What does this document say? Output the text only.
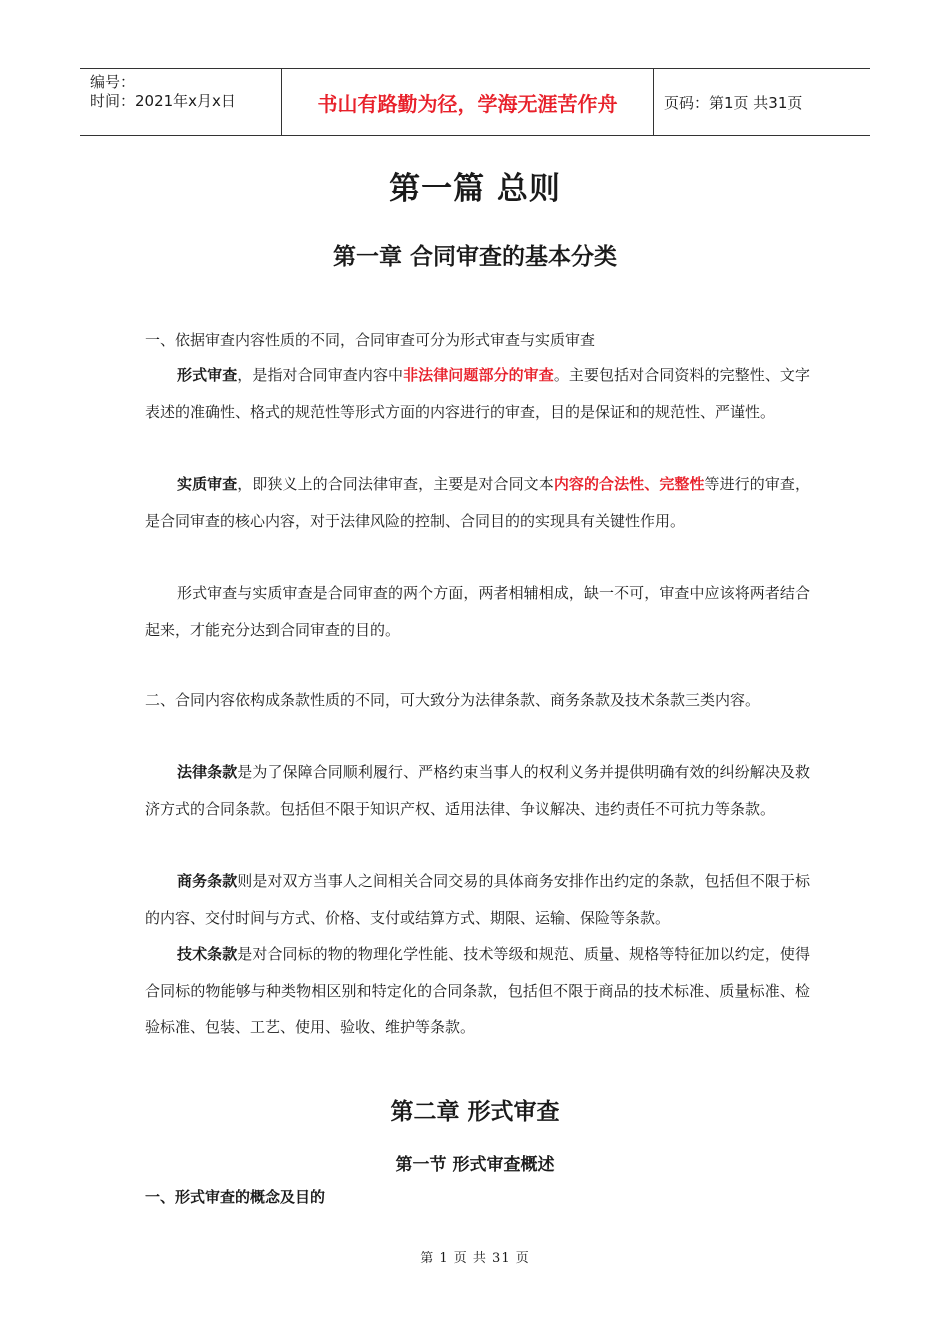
编号：
时间：2021年x月x日	书山有路勤为径，学海无涯苦作舟	页码：第1页 共31页
第一篇 总则
第一章 合同审查的基本分类

一、依据审查内容性质的不同，合同审查可分为形式审查与实质审查

形式审查，是指对合同审查内容中非法律问题部分的审查。主要包括对合同资料的完整性、文字表述的准确性、格式的规范性等形式方面的内容进行的审查，目的是保证和的规范性、严谨性。

实质审查，即狭义上的合同法律审查，主要是对合同文本内容的合法性、完整性等进行的审查，是合同审查的核心内容，对于法律风险的控制、合同目的的实现具有关键性作用。

形式审查与实质审查是合同审查的两个方面，两者相辅相成，缺一不可，审查中应该将两者结合起来，才能充分达到合同审查的目的。

二、合同内容依构成条款性质的不同，可大致分为法律条款、商务条款及技术条款三类内容。

法律条款是为了保障合同顺利履行、严格约束当事人的权利义务并提供明确有效的纠纷解决及救济方式的合同条款。包括但不限于知识产权、适用法律、争议解决、违约责任不可抗力等条款。

商务条款则是对双方当事人之间相关合同交易的具体商务安排作出约定的条款，包括但不限于标的内容、交付时间与方式、价格、支付或结算方式、期限、运输、保险等条款。

技术条款是对合同标的物的物理化学性能、技术等级和规范、质量、规格等特征加以约定，使得合同标的物能够与种类物相区别和特定化的合同条款，包括但不限于商品的技术标准、质量标准、检验标准、包装、工艺、使用、验收、维护等条款。

第二章 形式审查
第一节 形式审查概述
一、形式审查的概念及目的
第 1 页 共 31 页
